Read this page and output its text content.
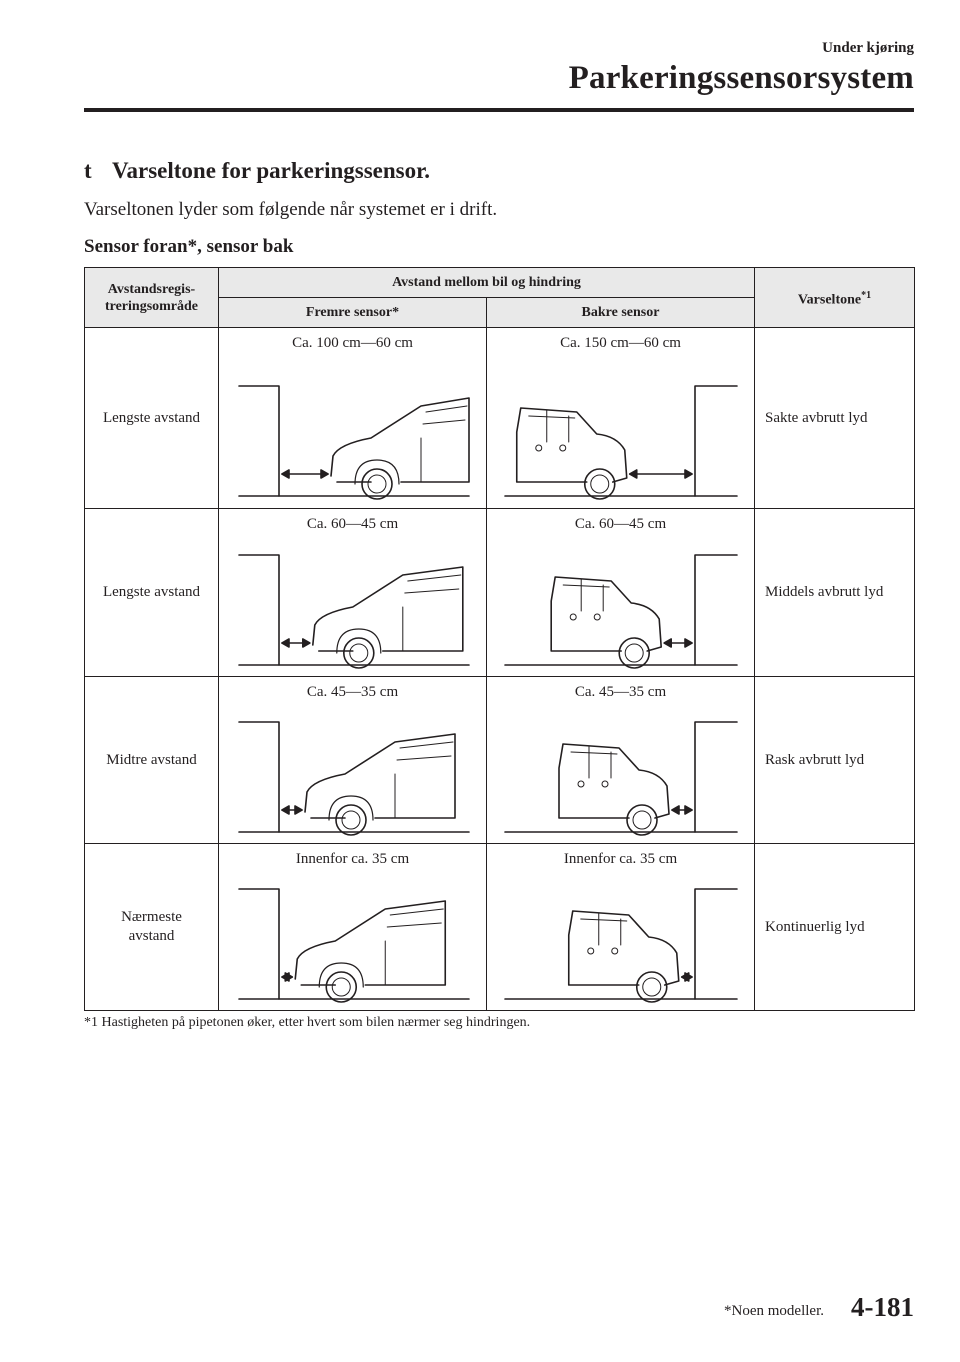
Under kjøring
Parkeringssensorsystem
t Varseltone for parkeringssensor.
Varseltonen lyder som følgende når systemet er i drift.
Sensor foran*, sensor bak
Avstandsregis-
treringsområde	Avstand mellom bil og hindring		Varseltone$^{*1}$
	Fremre sensor*	Bakre sensor	
Lengste avstand	Ca. 100 cm—60 cm	Ca. 150 cm—60 cm	Sakte avbrutt lyd
Lengste avstand	Ca. 60—45 cm	Ca. 60—45 cm	Middels avbrutt lyd
Midtre avstand	Ca. 45—35 cm	Ca. 45—35 cm	Rask avbrutt lyd
Nærmeste
avstand	Innenfor ca. 35 cm	Innenfor ca. 35 cm	Kontinuerlig lyd
*1 Hastigheten på pipetonen øker, etter hvert som bilen nærmer seg hindringen.
*Noen modeller. 4-181
